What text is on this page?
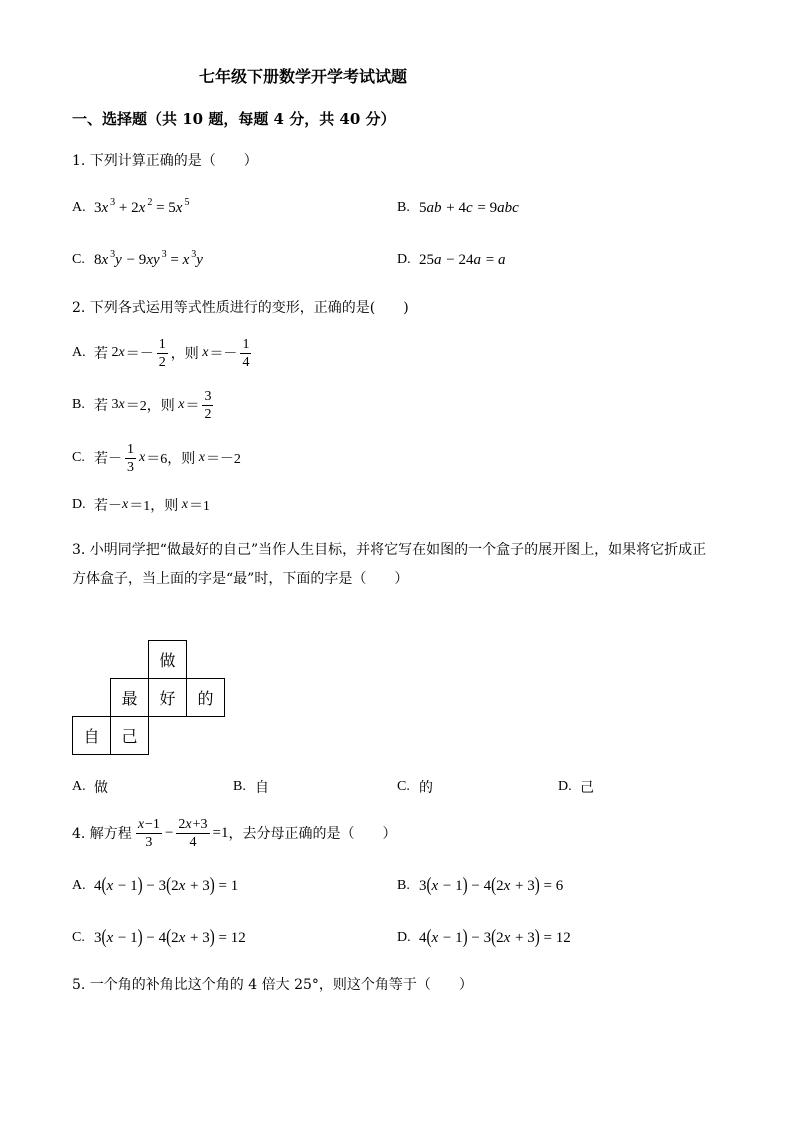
七年级下册数学开学考试试题
一、选择题（共 10 题，每题 4 分，共 40 分）
1. 下列计算正确的是（　　）
A. 3 x 3 + 2 x 2 = 5 x 5	B. 5 ab + 4 c = 9 abc
C. 8 x 3 y − 9 xy 3 = x 3 y	D. 25 a − 24 a = a
2. 下列各式运用等式性质进行的变形，正确的是(　　)
A. 若 2 $x =- \frac{1}{2}$ ，则 $x =- \frac{1}{4}$
B. 若 3 x ＝2，则 $x = \frac{3}{2}$
C. 若－ $\frac{1}{3}$ x ＝6，则 x ＝－2
D. 若－ x ＝1，则 x ＝1
3. 小明同学把“做最好的自己”当作人生目标，并将它写在如图的一个盒子的展开图上，如果将它折成正
方体盒子，当上面的字是“最”时，下面的字是（　　）
做
最	好	的
自	己
A. 做	B. 自	C. 的	D. 己
4. 解方程 $\frac{x -1}{3} - \frac{2 x +3}{4} =1$ ，去分母正确的是（　　）
A. 4 ( x − 1 ) − 3 ( 2 x + 3 ) = 1	B. 3 ( x − 1 ) − 4 ( 2 x + 3 ) = 6
C. 3 ( x − 1 ) − 4 ( 2 x + 3 ) = 12	D. 4 ( x − 1 ) − 3 ( 2 x + 3 ) = 12
5. 一个角的补角比这个角的 4 倍大 25°，则这个角等于（　　）
